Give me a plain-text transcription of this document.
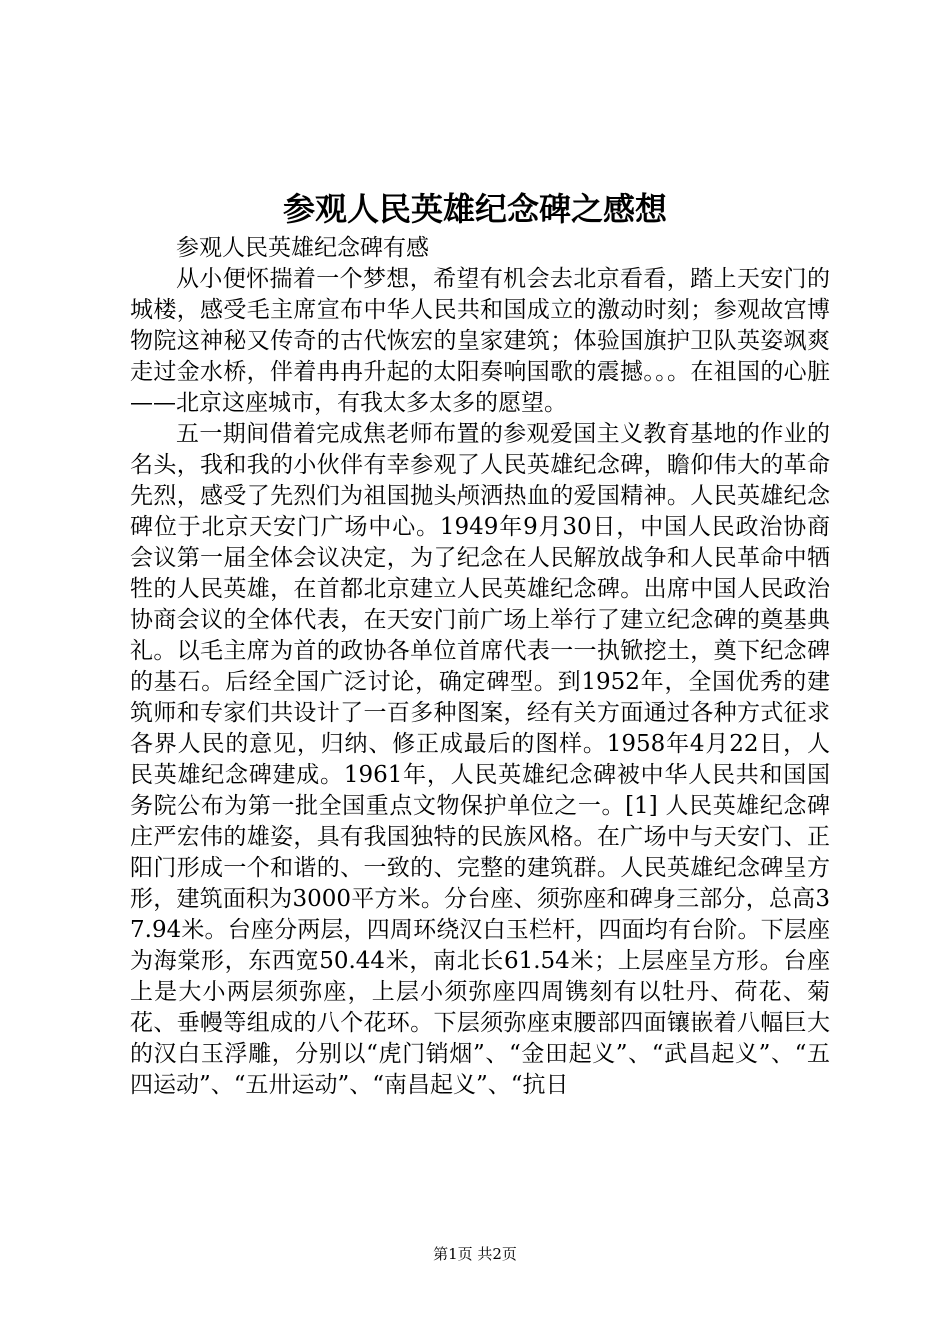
参观人民英雄纪念碑之感想

参观人民英雄纪念碑有感

从小便怀揣着一个梦想，希望有机会去北京看看，踏上天安门的城楼，感受毛主席宣布中华人民共和国成立的激动时刻；参观故宫博物院这神秘又传奇的古代恢宏的皇家建筑；体验国旗护卫队英姿飒爽走过金水桥，伴着冉冉升起的太阳奏响国歌的震撼。。。在祖国的心脏——北京这座城市，有我太多太多的愿望。

五一期间借着完成焦老师布置的参观爱国主义教育基地的作业的名头，我和我的小伙伴有幸参观了人民英雄纪念碑，瞻仰伟大的革命先烈，感受了先烈们为祖国抛头颅洒热血的爱国精神。人民英雄纪念碑位于北京天安门广场中心。1949年9月30日，中国人民政治协商会议第一届全体会议决定，为了纪念在人民解放战争和人民革命中牺牲的人民英雄，在首都北京建立人民英雄纪念碑。出席中国人民政治协商会议的全体代表，在天安门前广场上举行了建立纪念碑的奠基典礼。以毛主席为首的政协各单位首席代表一一执锨挖土，奠下纪念碑的基石。后经全国广泛讨论，确定碑型。到1952年，全国优秀的建筑师和专家们共设计了一百多种图案，经有关方面通过各种方式征求各界人民的意见，归纳、修正成最后的图样。1958年4月22日，人民英雄纪念碑建成。1961年，人民英雄纪念碑被中华人民共和国国务院公布为第一批全国重点文物保护单位之一。[1] 人民英雄纪念碑庄严宏伟的雄姿，具有我国独特的民族风格。在广场中与天安门、正阳门形成一个和谐的、一致的、完整的建筑群。人民英雄纪念碑呈方形，建筑面积为3000平方米。分台座、须弥座和碑身三部分，总高37.94米。台座分两层，四周环绕汉白玉栏杆，四面均有台阶。下层座为海棠形，东西宽50.44米，南北长61.54米；上层座呈方形。台座上是大小两层须弥座，上层小须弥座四周镌刻有以牡丹、荷花、菊花、垂幔等组成的八个花环。下层须弥座束腰部四面镶嵌着八幅巨大的汉白玉浮雕，分别以“虎门销烟”、“金田起义”、“武昌起义”、“五四运动”、“五卅运动”、“南昌起义”、“抗日

第1页 共2页
